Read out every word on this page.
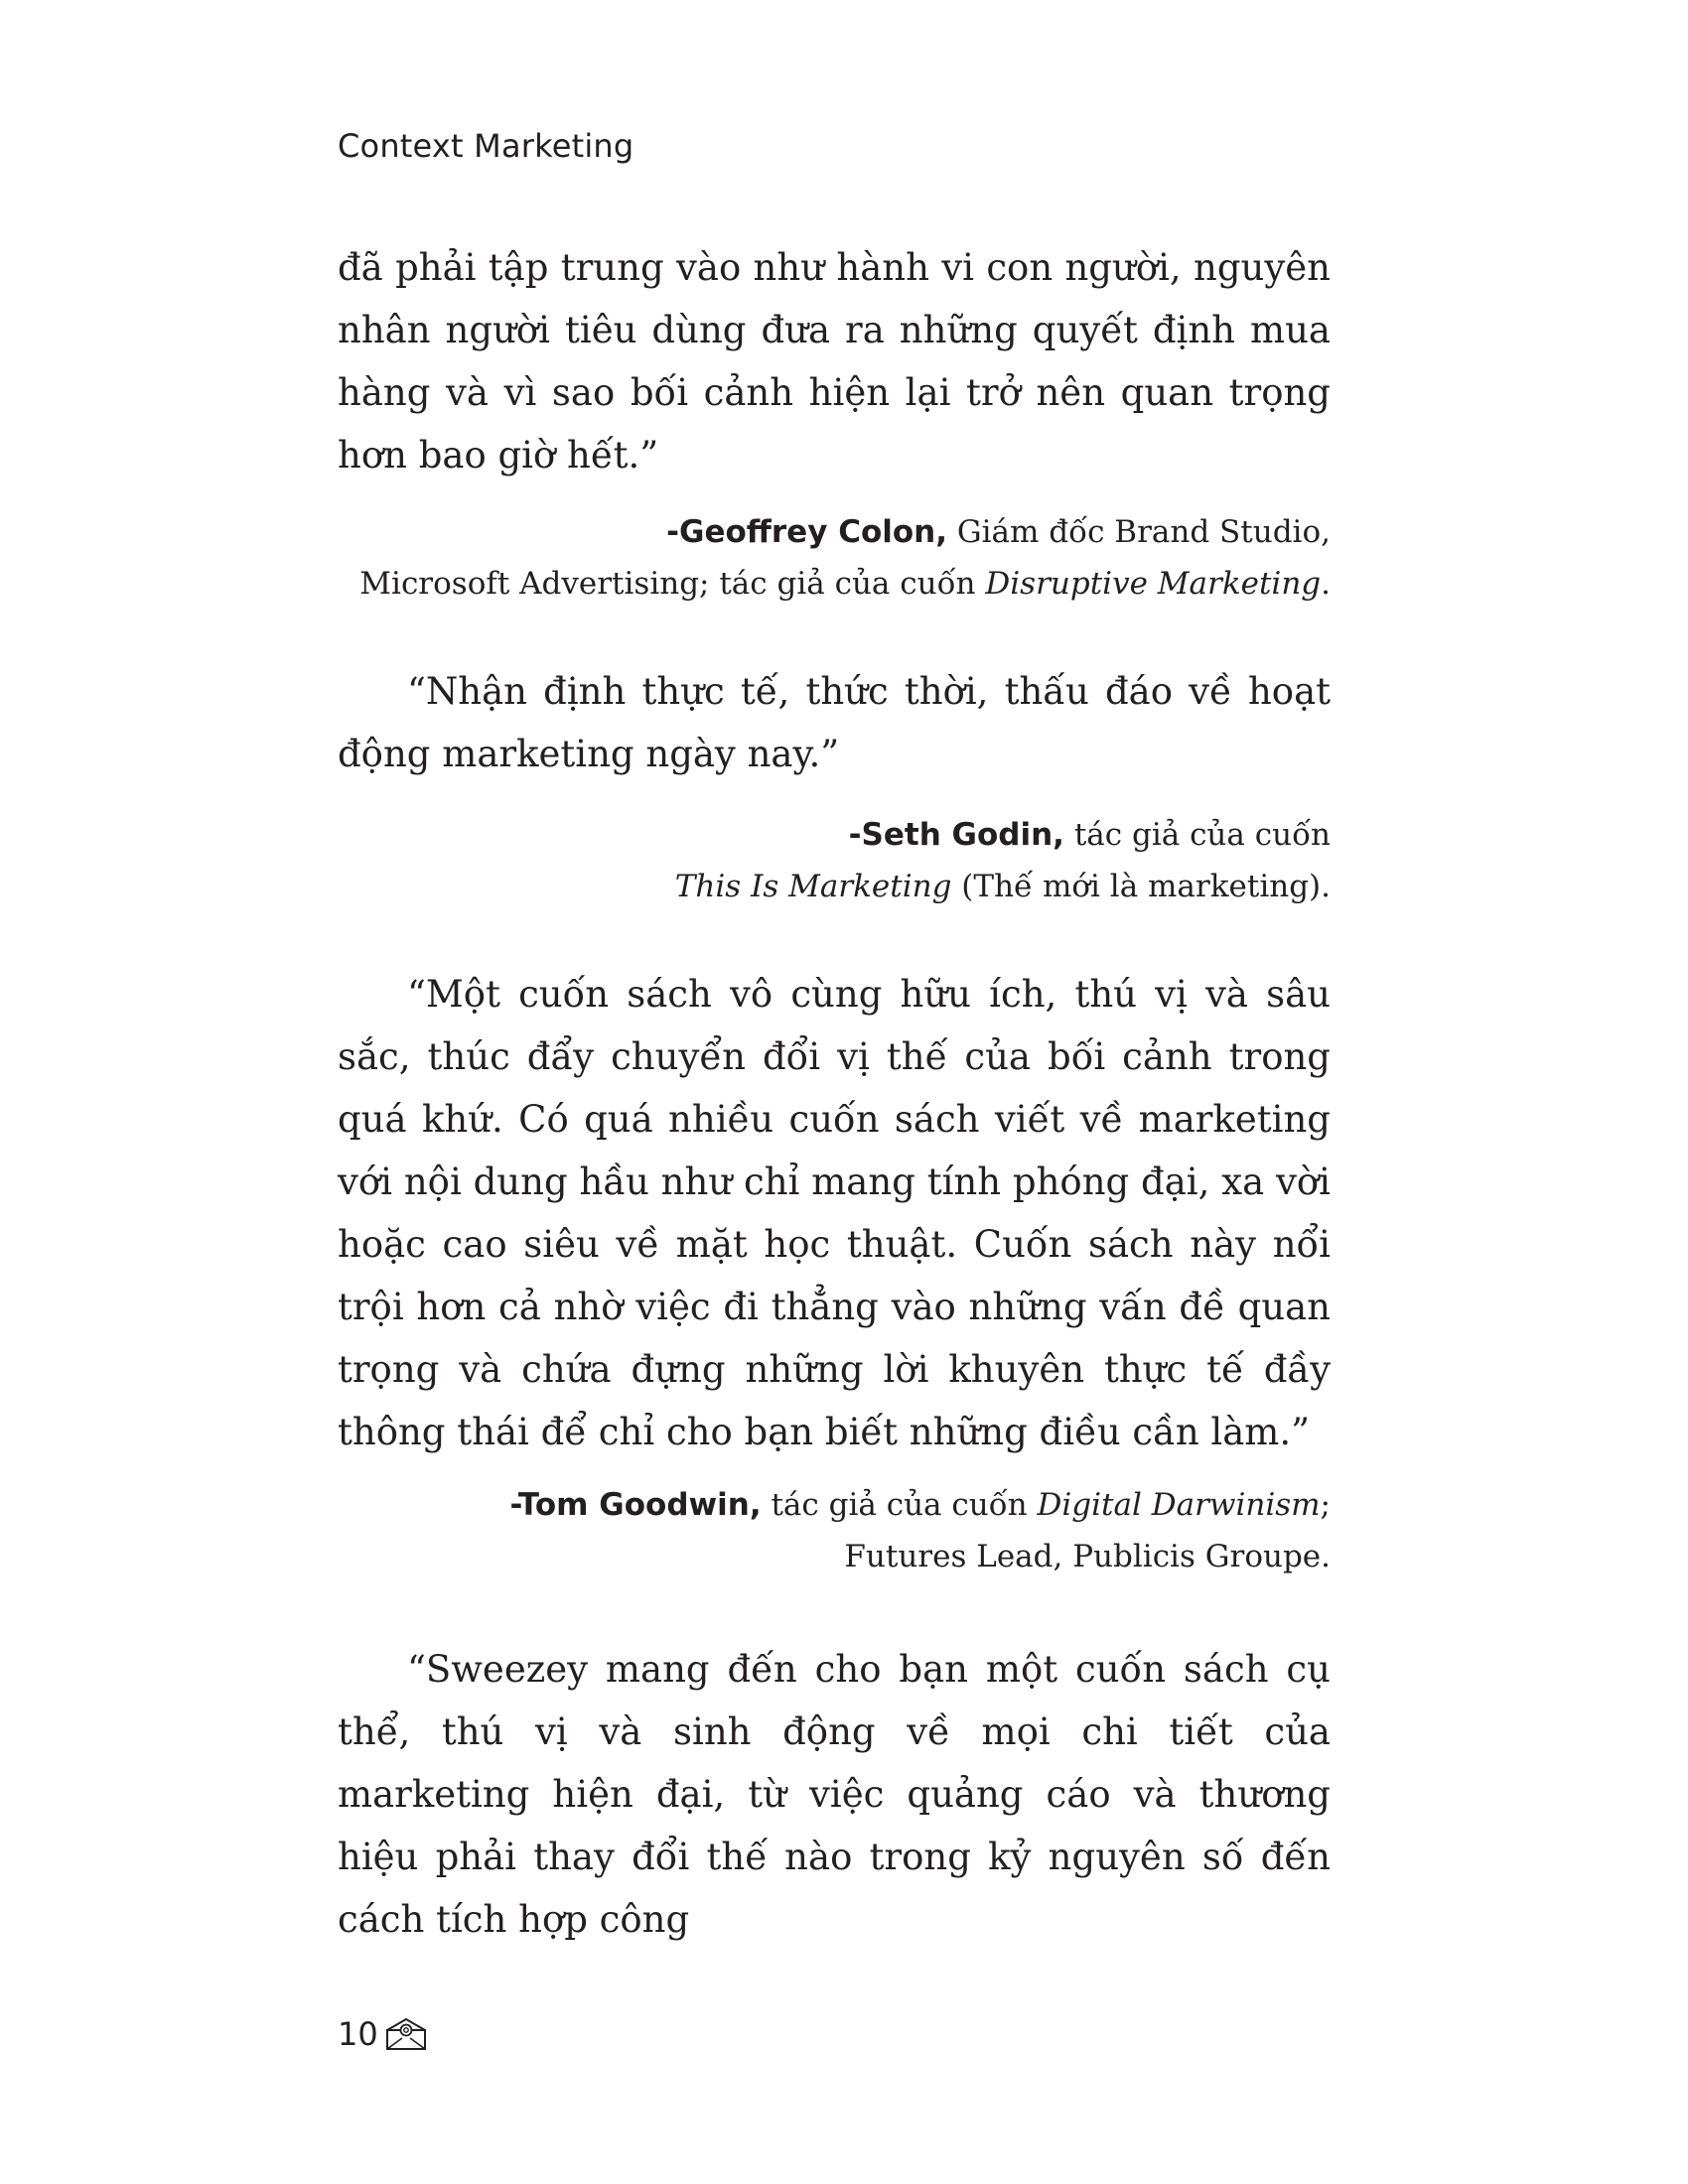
Context Marketing
đã phải tập trung vào như hành vi con người, nguyên nhân người tiêu dùng đưa ra những quyết định mua hàng và vì sao bối cảnh hiện lại trở nên quan trọng hơn bao giờ hết.”
-Geoffrey Colon, Giám đốc Brand Studio,
Microsoft Advertising; tác giả của cuốn Disruptive Marketing.
“Nhận định thực tế, thức thời, thấu đáo về hoạt động marketing ngày nay.”
-Seth Godin, tác giả của cuốn
This Is Marketing (Thế mới là marketing).
“Một cuốn sách vô cùng hữu ích, thú vị và sâu sắc, thúc đẩy chuyển đổi vị thế của bối cảnh trong quá khứ. Có quá nhiều cuốn sách viết về marketing với nội dung hầu như chỉ mang tính phóng đại, xa vời hoặc cao siêu về mặt học thuật. Cuốn sách này nổi trội hơn cả nhờ việc đi thẳng vào những vấn đề quan trọng và chứa đựng những lời khuyên thực tế đầy thông thái để chỉ cho bạn biết những điều cần làm.”
-Tom Goodwin, tác giả của cuốn Digital Darwinism;
Futures Lead, Publicis Groupe.
“Sweezey mang đến cho bạn một cuốn sách cụ thể, thú vị và sinh động về mọi chi tiết của marketing hiện đại, từ việc quảng cáo và thương hiệu phải thay đổi thế nào trong kỷ nguyên số đến cách tích hợp công
10
